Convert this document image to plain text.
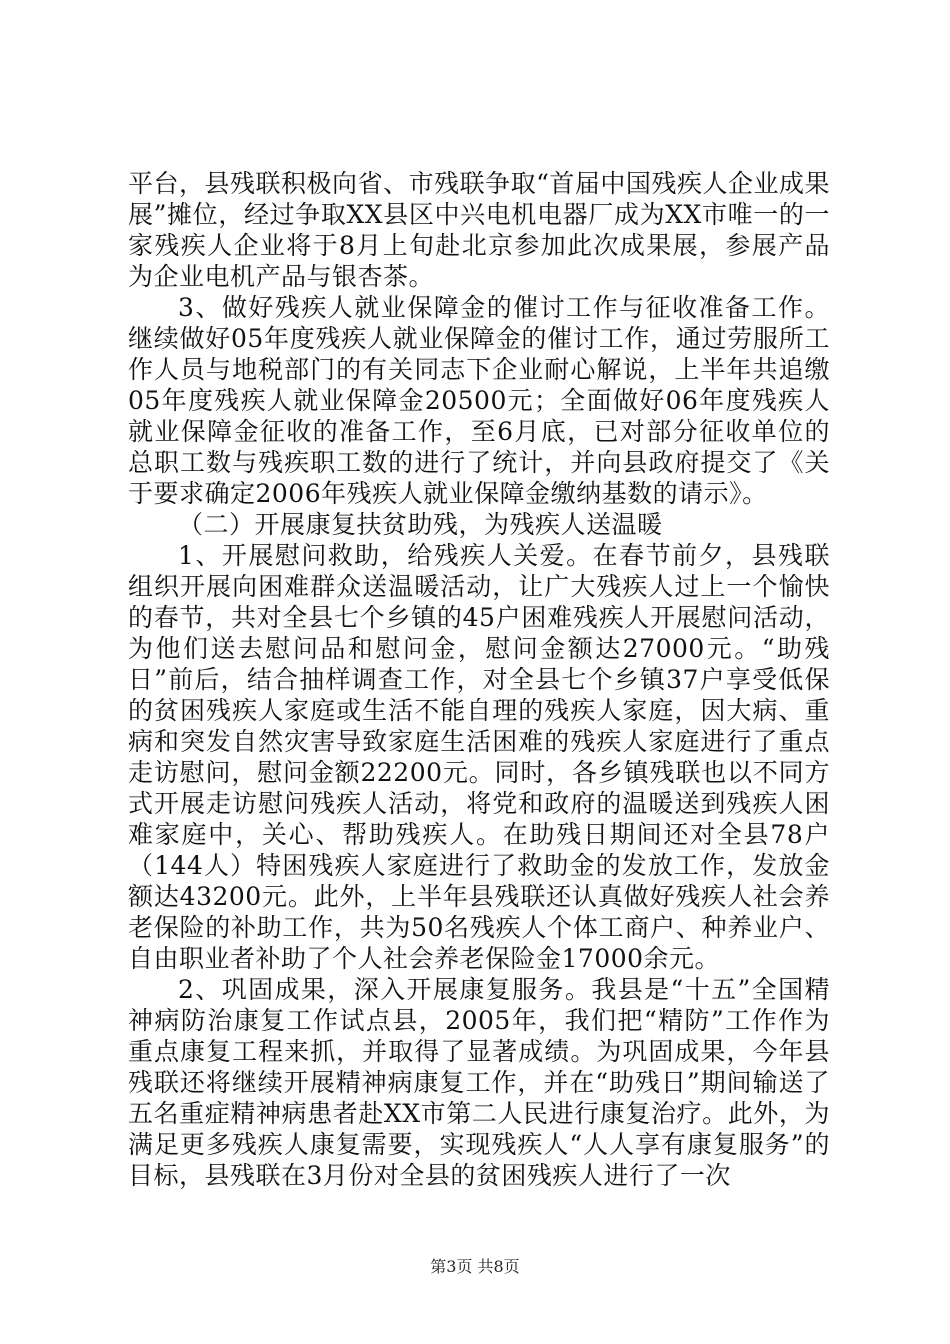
平台，县残联积极向省、市残联争取“首届中国残疾人企业成果展”摊位，经过争取XX县区中兴电机电器厂成为XX市唯一的一家残疾人企业将于8月上旬赴北京参加此次成果展，参展产品为企业电机产品与银杏茶。

3、做好残疾人就业保障金的催讨工作与征收准备工作。继续做好05年度残疾人就业保障金的催讨工作，通过劳服所工作人员与地税部门的有关同志下企业耐心解说，上半年共追缴05年度残疾人就业保障金20500元；全面做好06年度残疾人就业保障金征收的准备工作，至6月底，已对部分征收单位的总职工数与残疾职工数的进行了统计，并向县政府提交了《关于要求确定2006年残疾人就业保障金缴纳基数的请示》。

（二）开展康复扶贫助残，为残疾人送温暖

1、开展慰问救助，给残疾人关爱。在春节前夕，县残联组织开展向困难群众送温暖活动，让广大残疾人过上一个愉快的春节，共对全县七个乡镇的45户困难残疾人开展慰问活动，为他们送去慰问品和慰问金，慰问金额达27000元。“助残日”前后，结合抽样调查工作，对全县七个乡镇37户享受低保的贫困残疾人家庭或生活不能自理的残疾人家庭，因大病、重病和突发自然灾害导致家庭生活困难的残疾人家庭进行了重点走访慰问，慰问金额22200元。同时，各乡镇残联也以不同方式开展走访慰问残疾人活动，将党和政府的温暖送到残疾人困难家庭中，关心、帮助残疾人。在助残日期间还对全县78户（144人）特困残疾人家庭进行了救助金的发放工作，发放金额达43200元。此外，上半年县残联还认真做好残疾人社会养老保险的补助工作，共为50名残疾人个体工商户、种养业户、自由职业者补助了个人社会养老保险金17000余元。

2、巩固成果，深入开展康复服务。我县是“十五”全国精神病防治康复工作试点县，2005年，我们把“精防”工作作为重点康复工程来抓，并取得了显著成绩。为巩固成果，今年县残联还将继续开展精神病康复工作，并在“助残日”期间输送了五名重症精神病患者赴XX市第二人民进行康复治疗。此外，为满足更多残疾人康复需要，实现残疾人“人人享有康复服务”的目标，县残联在3月份对全县的贫困残疾人进行了一次

第3页 共8页
